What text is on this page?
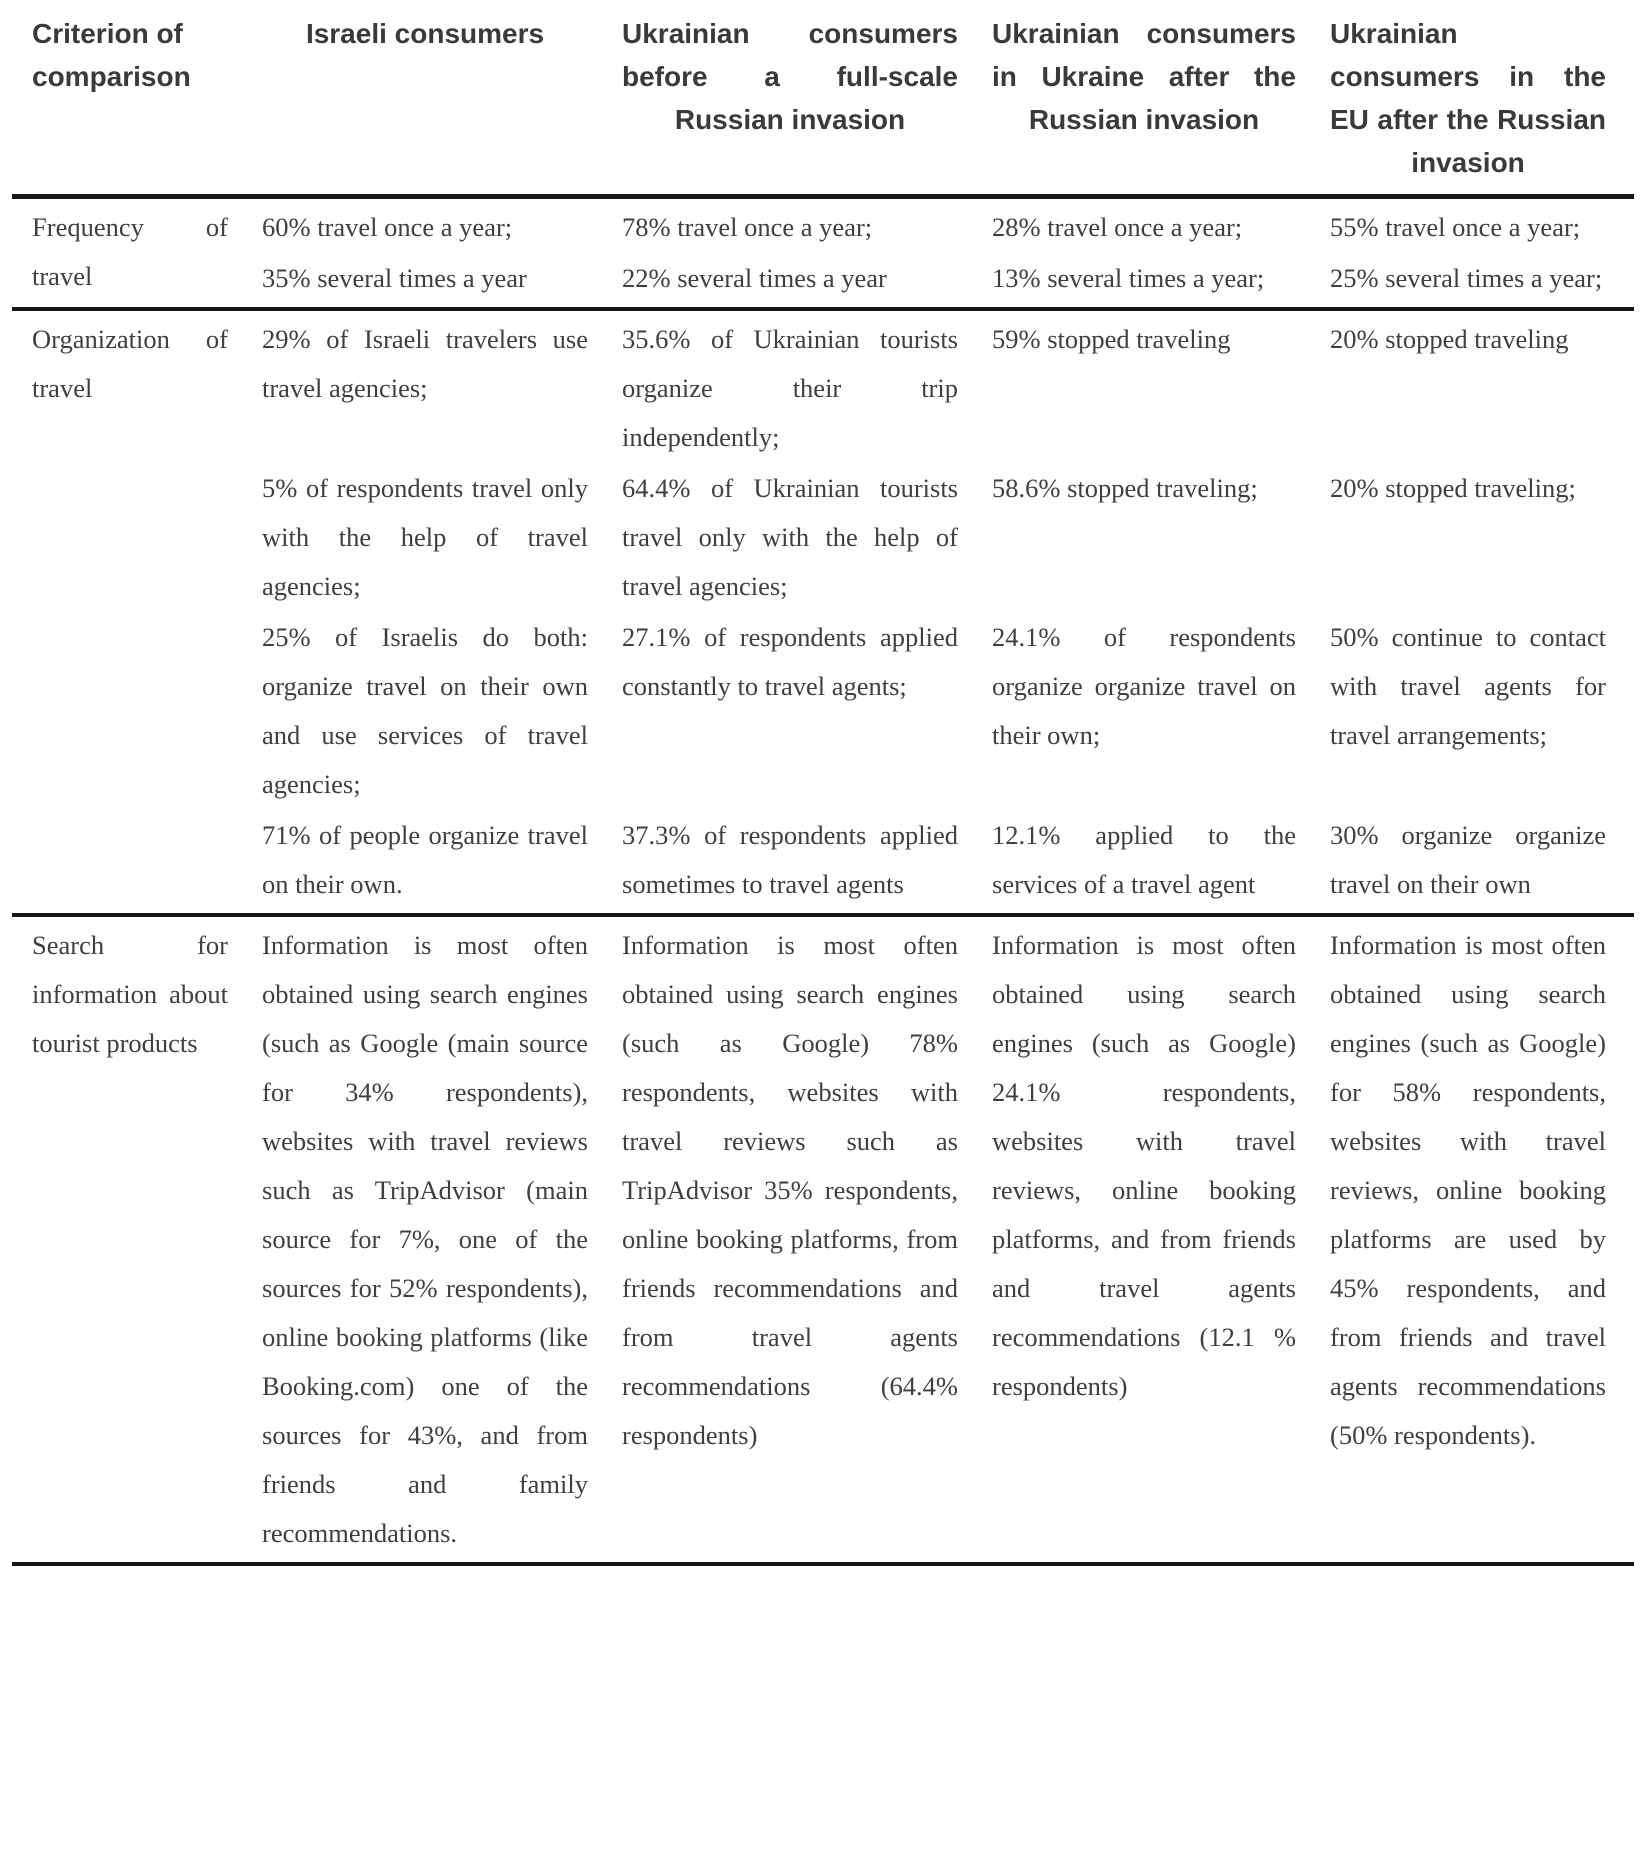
Criterion of comparison
Israeli consumers	Ukrainian consumers before a full-scale Russian invasion
Ukrainian consumers in Ukraine after the Russian invasion
Ukrainian consumers in the EU after the Russian invasion
Frequency of travel
60% travel once a year;
35% several times a year
78% travel once a year;
22% several times a year
28% travel once a year;
13% several times a year;
55% travel once a year;
25% several times a year;
Organization of travel
29% of Israeli travelers use travel agencies;
5% of respondents travel only with the help of travel agencies;
25% of Israelis do both: organize travel on their own and use services of travel agencies;
71% of people organize travel on their own.
35.6% of Ukrainian tourists organize their trip independently;
64.4% of Ukrainian tourists travel only with the help of travel agencies;
27.1% of respondents applied constantly to travel agents;
37.3% of respondents applied sometimes to travel agents
59% stopped traveling
58.6% stopped traveling;
24.1% of respondents organize organize travel on their own;
12.1% applied to the services of a travel agent
20% stopped traveling
20% stopped traveling;
50% continue to contact with travel agents for travel arrangements;
30% organize organize travel on their own
Search for information about tourist products
Information is most often obtained using search engines (such as Google (main source for 34% respondents), websites with travel reviews such as TripAdvisor (main source for 7%, one of the sources for 52% respondents), online booking platforms (like Booking.com) one of the sources for 43%, and from friends and family recommendations.
Information is most often obtained using search engines (such as Google) 78% respondents, websites with travel reviews such as TripAdvisor 35% respondents, online booking platforms, from friends recommendations and from travel agents recommendations (64.4% respondents)
Information is most often obtained using search engines (such as Google) 24.1% respondents, websites with travel reviews, online booking platforms, and from friends and travel agents recommendations (12.1 % respondents)
Information is most often obtained using search engines (such as Google) for 58% respondents, websites with travel reviews, online booking platforms are used by 45% respondents, and from friends and travel agents recommendations (50% respondents).
